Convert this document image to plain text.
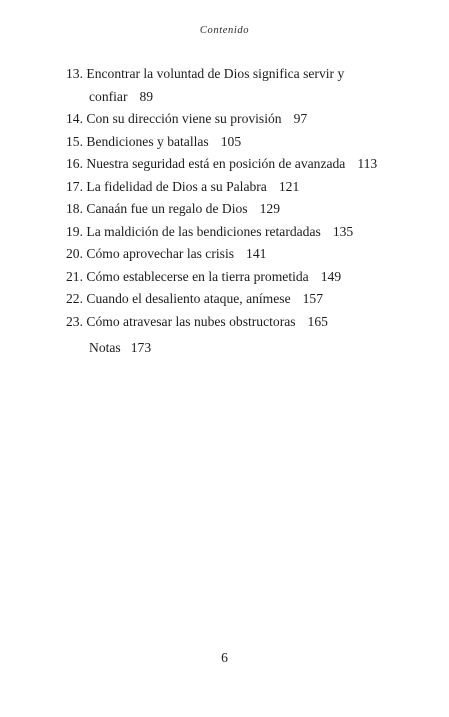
Contenido
13. Encontrar la voluntad de Dios significa servir y confiar 89
14. Con su dirección viene su provisión 97
15. Bendiciones y batallas 105
16. Nuestra seguridad está en posición de avanzada 113
17. La fidelidad de Dios a su Palabra 121
18. Canaán fue un regalo de Dios 129
19. La maldición de las bendiciones retardadas 135
20. Cómo aprovechar las crisis 141
21. Cómo establecerse en la tierra prometida 149
22. Cuando el desaliento ataque, anímese 157
23. Cómo atravesar las nubes obstructoras 165
Notas 173
6
